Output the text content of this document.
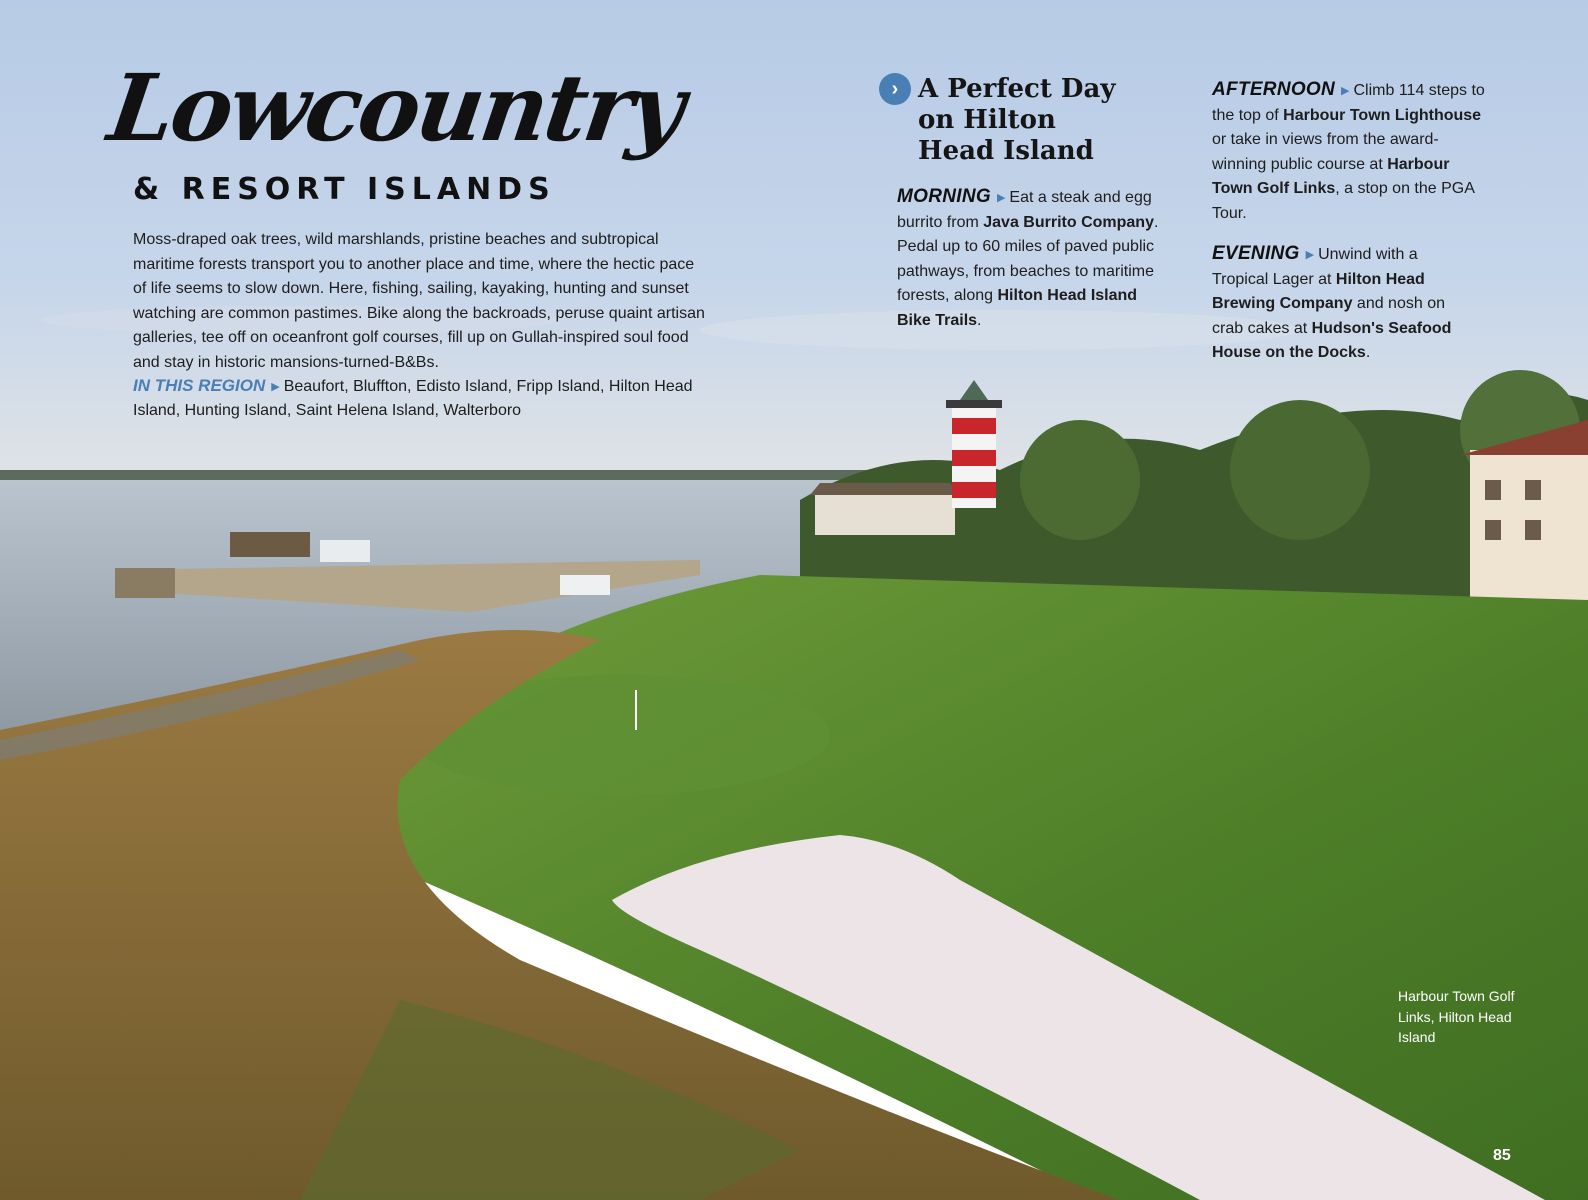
Lowcountry
& RESORT ISLANDS

Moss-draped oak trees, wild marshlands, pristine beaches and subtropical maritime forests transport you to another place and time, where the hectic pace of life seems to slow down. Here, fishing, sailing, kayaking, hunting and sunset watching are common pastimes. Bike along the backroads, peruse quaint artisan galleries, tee off on oceanfront golf courses, fill up on Gullah-inspired soul food and stay in historic mansions-turned-B&Bs.

IN THIS REGION ▶ Beaufort, Bluffton, Edisto Island, Fripp Island, Hilton Head Island, Hunting Island, Saint Helena Island, Walterboro

› A Perfect Day
on Hilton
Head Island

MORNING ▶ Eat a steak and egg burrito from Java Burrito Company. Pedal up to 60 miles of paved public pathways, from beaches to maritime forests, along Hilton Head Island Bike Trails.

AFTERNOON ▶ Climb 114 steps to the top of Harbour Town Lighthouse or take in views from the award-winning public course at Harbour Town Golf Links, a stop on the PGA Tour.

EVENING ▶ Unwind with a Tropical Lager at Hilton Head Brewing Company and nosh on crab cakes at Hudson's Seafood House on the Docks.

Harbour Town Golf Links, Hilton Head Island

85
